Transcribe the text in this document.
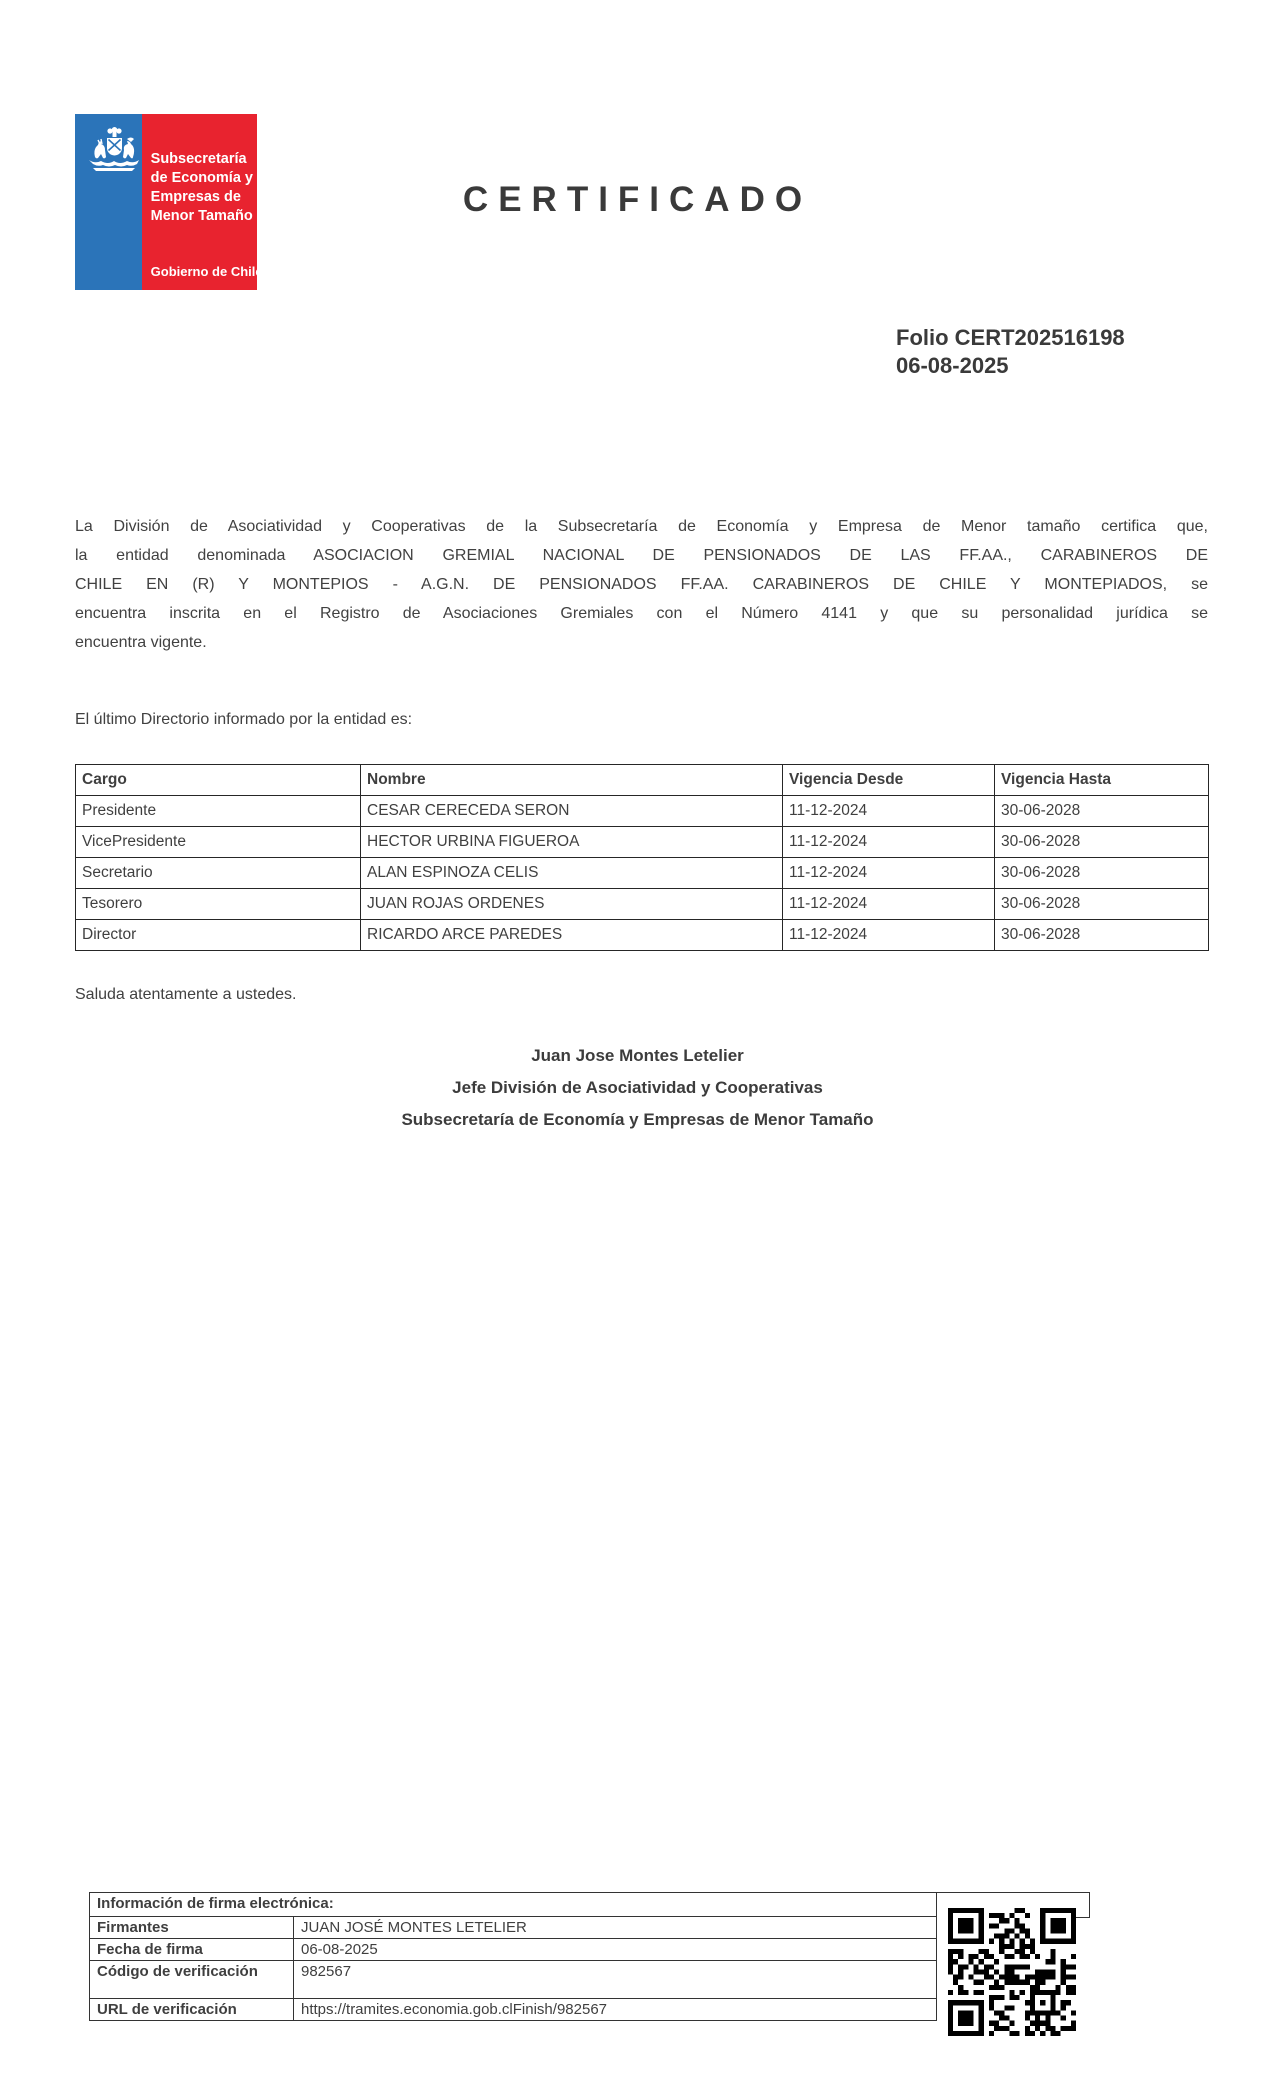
Subsecretaría
de Economía y
Empresas de
Menor Tamaño
Gobierno de Chile
CERTIFICADO
Folio CERT202516198
06-08-2025
La División de Asociatividad y Cooperativas de la Subsecretaría de Economía y Empresa de Menor tamaño certifica que,
la entidad denominada ASOCIACION GREMIAL NACIONAL DE PENSIONADOS DE LAS FF.AA., CARABINEROS DE
CHILE EN (R) Y MONTEPIOS - A.G.N. DE PENSIONADOS FF.AA. CARABINEROS DE CHILE Y MONTEPIADOS, se
encuentra inscrita en el Registro de Asociaciones Gremiales con el Número 4141 y que su personalidad jurídica se
encuentra vigente.
El último Directorio informado por la entidad es:
Cargo	Nombre	Vigencia Desde	Vigencia Hasta
Presidente	CESAR CERECEDA SERON	11-12-2024	30-06-2028
VicePresidente	HECTOR URBINA FIGUEROA	11-12-2024	30-06-2028
Secretario	ALAN ESPINOZA CELIS	11-12-2024	30-06-2028
Tesorero	JUAN ROJAS ORDENES	11-12-2024	30-06-2028
Director	RICARDO ARCE PAREDES	11-12-2024	30-06-2028
Saluda atentamente a ustedes.
Juan Jose Montes Letelier
Jefe División de Asociatividad y Cooperativas
Subsecretaría de Economía y Empresas de Menor Tamaño
Información de firma electrónica:	
Firmantes	JUAN JOSÉ MONTES LETELIER
Fecha de firma	06-08-2025
Código de verificación	982567
URL de verificación	https://tramites.economia.gob.clFinish/982567
